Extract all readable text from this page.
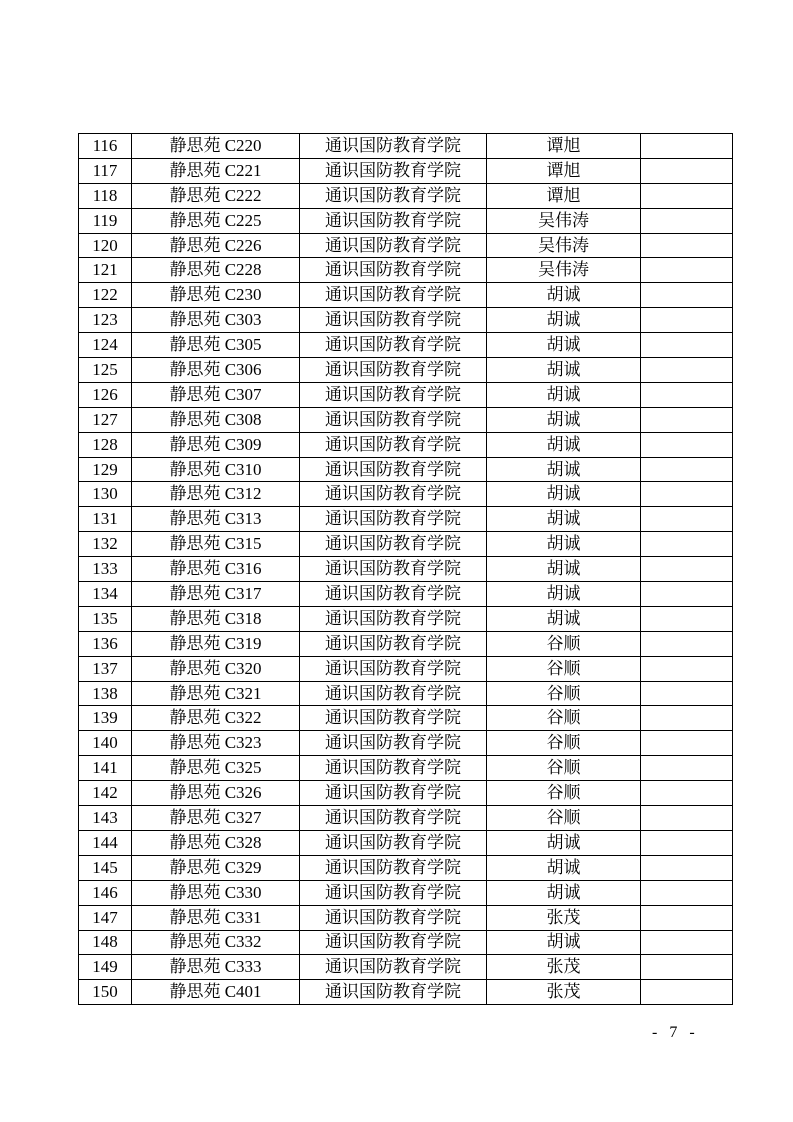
116	静思苑 C220	通识国防教育学院	谭旭	
117	静思苑 C221	通识国防教育学院	谭旭	
118	静思苑 C222	通识国防教育学院	谭旭	
119	静思苑 C225	通识国防教育学院	吴伟涛	
120	静思苑 C226	通识国防教育学院	吴伟涛	
121	静思苑 C228	通识国防教育学院	吴伟涛	
122	静思苑 C230	通识国防教育学院	胡诚	
123	静思苑 C303	通识国防教育学院	胡诚	
124	静思苑 C305	通识国防教育学院	胡诚	
125	静思苑 C306	通识国防教育学院	胡诚	
126	静思苑 C307	通识国防教育学院	胡诚	
127	静思苑 C308	通识国防教育学院	胡诚	
128	静思苑 C309	通识国防教育学院	胡诚	
129	静思苑 C310	通识国防教育学院	胡诚	
130	静思苑 C312	通识国防教育学院	胡诚	
131	静思苑 C313	通识国防教育学院	胡诚	
132	静思苑 C315	通识国防教育学院	胡诚	
133	静思苑 C316	通识国防教育学院	胡诚	
134	静思苑 C317	通识国防教育学院	胡诚	
135	静思苑 C318	通识国防教育学院	胡诚	
136	静思苑 C319	通识国防教育学院	谷顺	
137	静思苑 C320	通识国防教育学院	谷顺	
138	静思苑 C321	通识国防教育学院	谷顺	
139	静思苑 C322	通识国防教育学院	谷顺	
140	静思苑 C323	通识国防教育学院	谷顺	
141	静思苑 C325	通识国防教育学院	谷顺	
142	静思苑 C326	通识国防教育学院	谷顺	
143	静思苑 C327	通识国防教育学院	谷顺	
144	静思苑 C328	通识国防教育学院	胡诚	
145	静思苑 C329	通识国防教育学院	胡诚	
146	静思苑 C330	通识国防教育学院	胡诚	
147	静思苑 C331	通识国防教育学院	张茂	
148	静思苑 C332	通识国防教育学院	胡诚	
149	静思苑 C333	通识国防教育学院	张茂	
150	静思苑 C401	通识国防教育学院	张茂	
- 7 -
